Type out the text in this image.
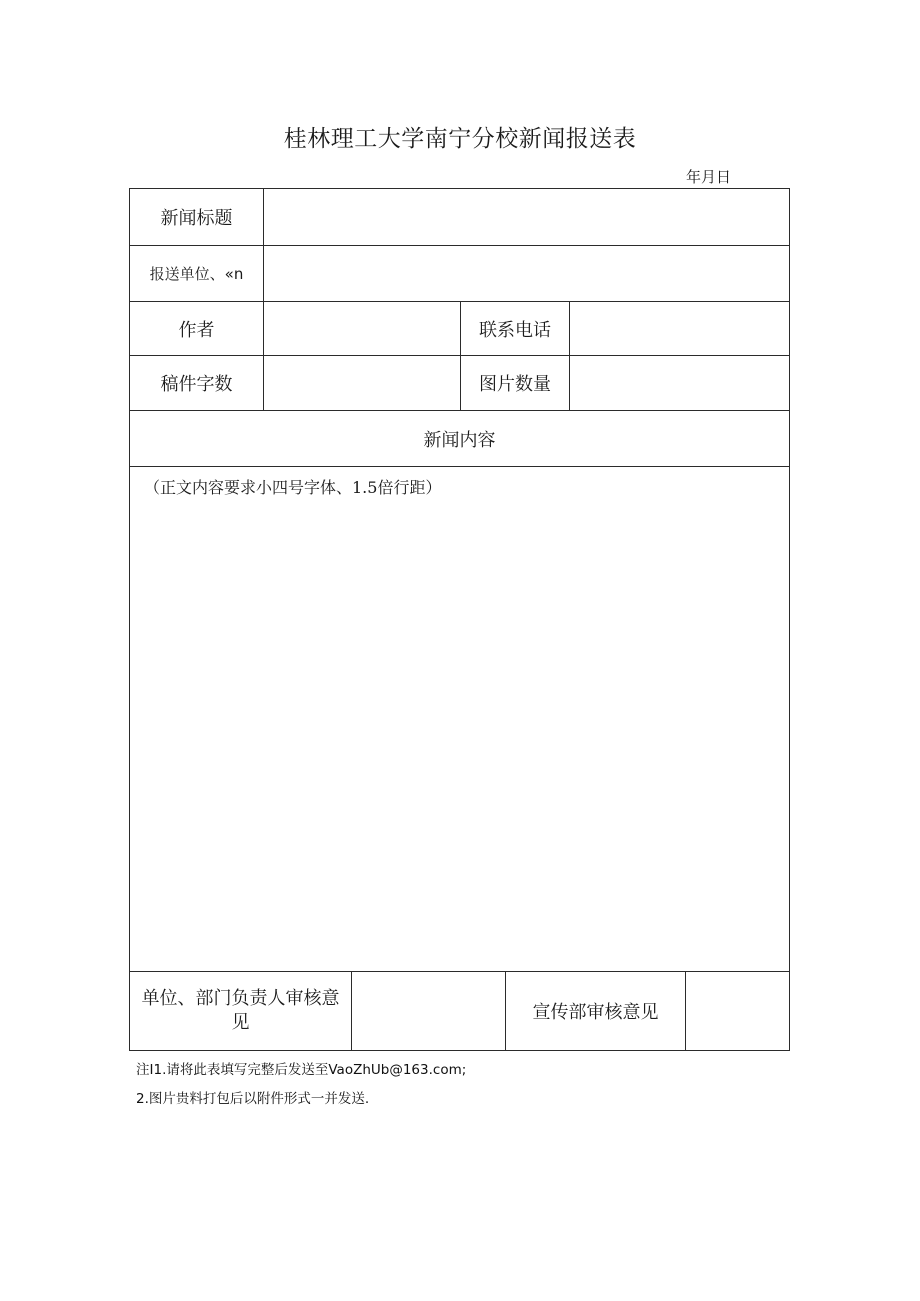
桂林理工大学南宁分校新闻报送表
年月日
新闻标题
报送单位、«n
作者	联系电话
稿件字数	图片数量
新闻内容
（正文内容要求小四号字体、1.5倍行距）
单位、部门负责人审核意见	宣传部审核意见
注I1.请将此表填写完整后发送至VaoZhUb@163.com;
2.图片贵料打包后以附件形式一并发送.
